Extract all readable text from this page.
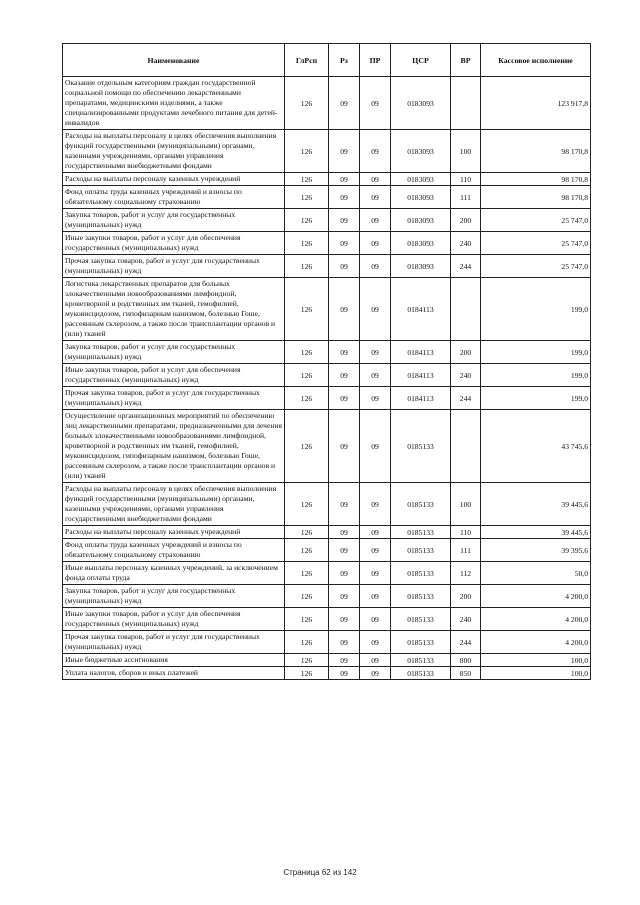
Наименование	ГлРсп	Рз	ПР	ЦСР	ВР	Кассовое исполнение
Оказание отдельным категориям граждан государственной социальной помощи по обеспечению лекарственными препаратами, медицинскими изделиями, а также специализированными продуктами лечебного питания для детей-инвалидов	126	09	09	0183093		123 917,8
Расходы на выплаты персоналу в целях обеспечения выполнения функций государственными (муниципальными) органами, казенными учреждениями, органами управления государственными внебюджетными фондами	126	09	09	0183093	100	98 170,8
Расходы на выплаты персоналу казенных учреждений	126	09	09	0183093	110	98 170,8
Фонд оплаты труда казенных учреждений и взносы по обязательному социальному страхованию	126	09	09	0183093	111	98 170,8
Закупка товаров, работ и услуг для государственных (муниципальных) нужд	126	09	09	0183093	200	25 747,0
Иные закупки товаров, работ и услуг для обеспечения государственных (муниципальных) нужд	126	09	09	0183093	240	25 747,0
Прочая закупка товаров, работ и услуг для государственных (муниципальных) нужд	126	09	09	0183093	244	25 747,0
Логистика лекарственных препаратов для больных злокачественными новообразованиями лимфоидной, кроветворной и родственных им тканей, гемофилией, муковисцидозом, гипофизарным нанизмом, болезнью Гоше, рассеянным склерозом, а также после трансплантации органов и (или) тканей	126	09	09	0184113		199,0
Закупка товаров, работ и услуг для государственных (муниципальных) нужд	126	09	09	0184113	200	199,0
Иные закупки товаров, работ и услуг для обеспечения государственных (муниципальных) нужд	126	09	09	0184113	240	199,0
Прочая закупка товаров, работ и услуг для государственных (муниципальных) нужд	126	09	09	0184113	244	199,0
Осуществление организационных мероприятий по обеспечению лиц лекарственными препаратами, предназначенными для лечения больных злокачественными новообразованиями лимфоидной, кроветворной и родственных им тканей, гемофилией, муковисцидозом, гипофизарным нанизмом, болезнью Гоше, рассеянным склерозом, а также после трансплантации органов и (или) тканей	126	09	09	0185133		43 745,6
Расходы на выплаты персоналу в целях обеспечения выполнения функций государственными (муниципальными) органами, казенными учреждениями, органами управления государственными внебюджетными фондами	126	09	09	0185133	100	39 445,6
Расходы на выплаты персоналу казенных учреждений	126	09	09	0185133	110	39 445,6
Фонд оплаты труда казенных учреждений и взносы по обязательному социальному страхованию	126	09	09	0185133	111	39 395,6
Иные выплаты персоналу казенных учреждений, за исключением фонда оплаты труда	126	09	09	0185133	112	50,0
Закупка товаров, работ и услуг для государственных (муниципальных) нужд	126	09	09	0185133	200	4 200,0
Иные закупки товаров, работ и услуг для обеспечения государственных (муниципальных) нужд	126	09	09	0185133	240	4 200,0
Прочая закупка товаров, работ и услуг для государственных (муниципальных) нужд	126	09	09	0185133	244	4 200,0
Иные бюджетные ассигнования	126	09	09	0185133	800	100,0
Уплата налогов, сборов и иных платежей	126	09	09	0185133	850	100,0
Страница 62 из 142
